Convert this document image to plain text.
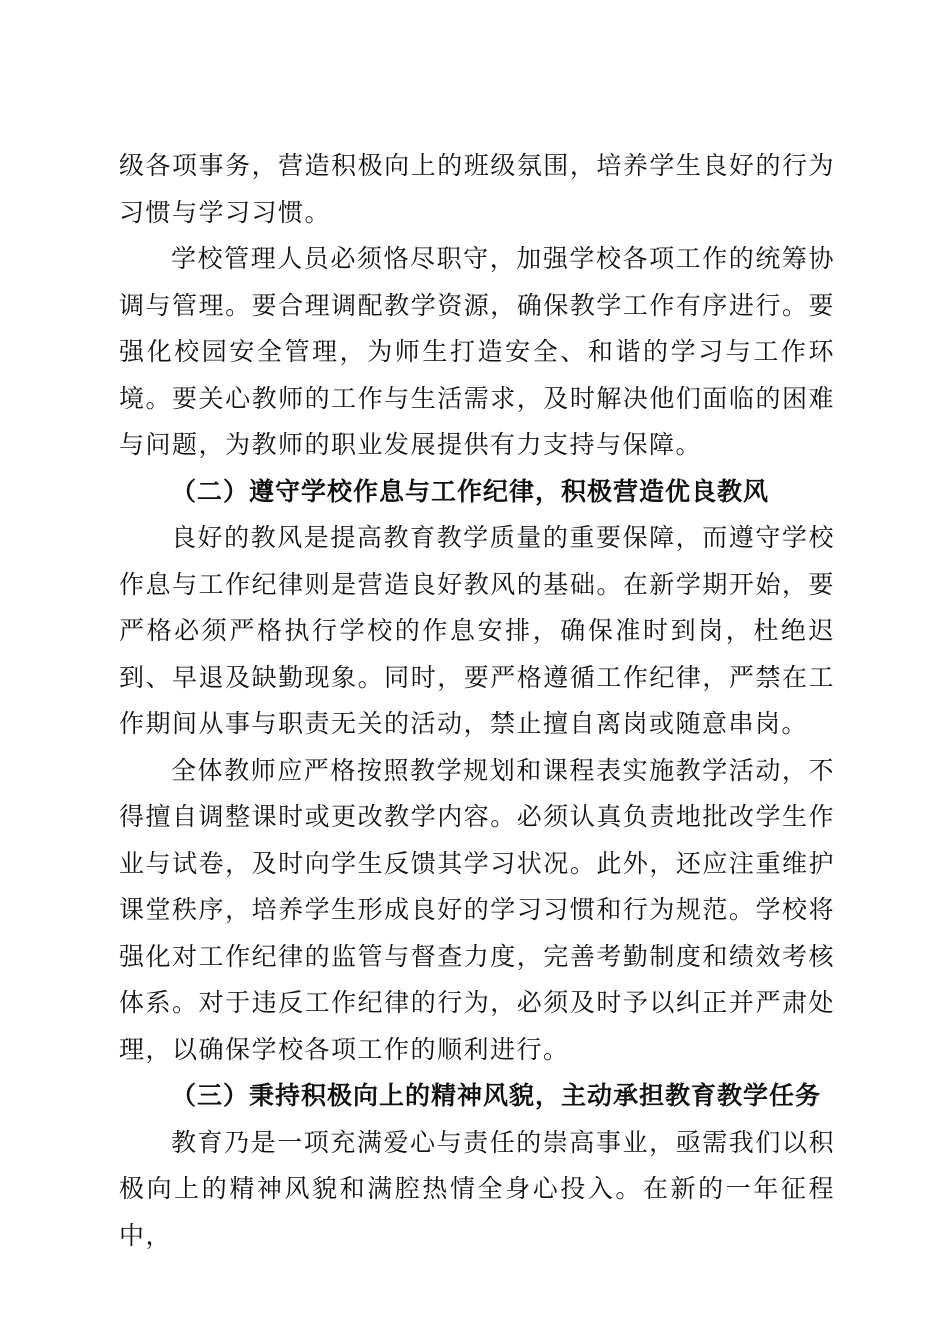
级各项事务，营造积极向上的班级氛围，培养学生良好的行为习惯与学习习惯。

学校管理人员必须恪尽职守，加强学校各项工作的统筹协调与管理。要合理调配教学资源，确保教学工作有序进行。要强化校园安全管理，为师生打造安全、和谐的学习与工作环境。要关心教师的工作与生活需求，及时解决他们面临的困难与问题，为教师的职业发展提供有力支持与保障。

（二）遵守学校作息与工作纪律，积极营造优良教风

良好的教风是提高教育教学质量的重要保障，而遵守学校作息与工作纪律则是营造良好教风的基础。在新学期开始，要严格必须严格执行学校的作息安排，确保准时到岗，杜绝迟到、早退及缺勤现象。同时，要严格遵循工作纪律，严禁在工作期间从事与职责无关的活动，禁止擅自离岗或随意串岗。

全体教师应严格按照教学规划和课程表实施教学活动，不得擅自调整课时或更改教学内容。必须认真负责地批改学生作业与试卷，及时向学生反馈其学习状况。此外，还应注重维护课堂秩序，培养学生形成良好的学习习惯和行为规范。学校将强化对工作纪律的监管与督查力度，完善考勤制度和绩效考核体系。对于违反工作纪律的行为，必须及时予以纠正并严肃处理，以确保学校各项工作的顺利进行。

（三）秉持积极向上的精神风貌，主动承担教育教学任务

教育乃是一项充满爱心与责任的崇高事业，亟需我们以积极向上的精神风貌和满腔热情全身心投入。在新的一年征程中，
